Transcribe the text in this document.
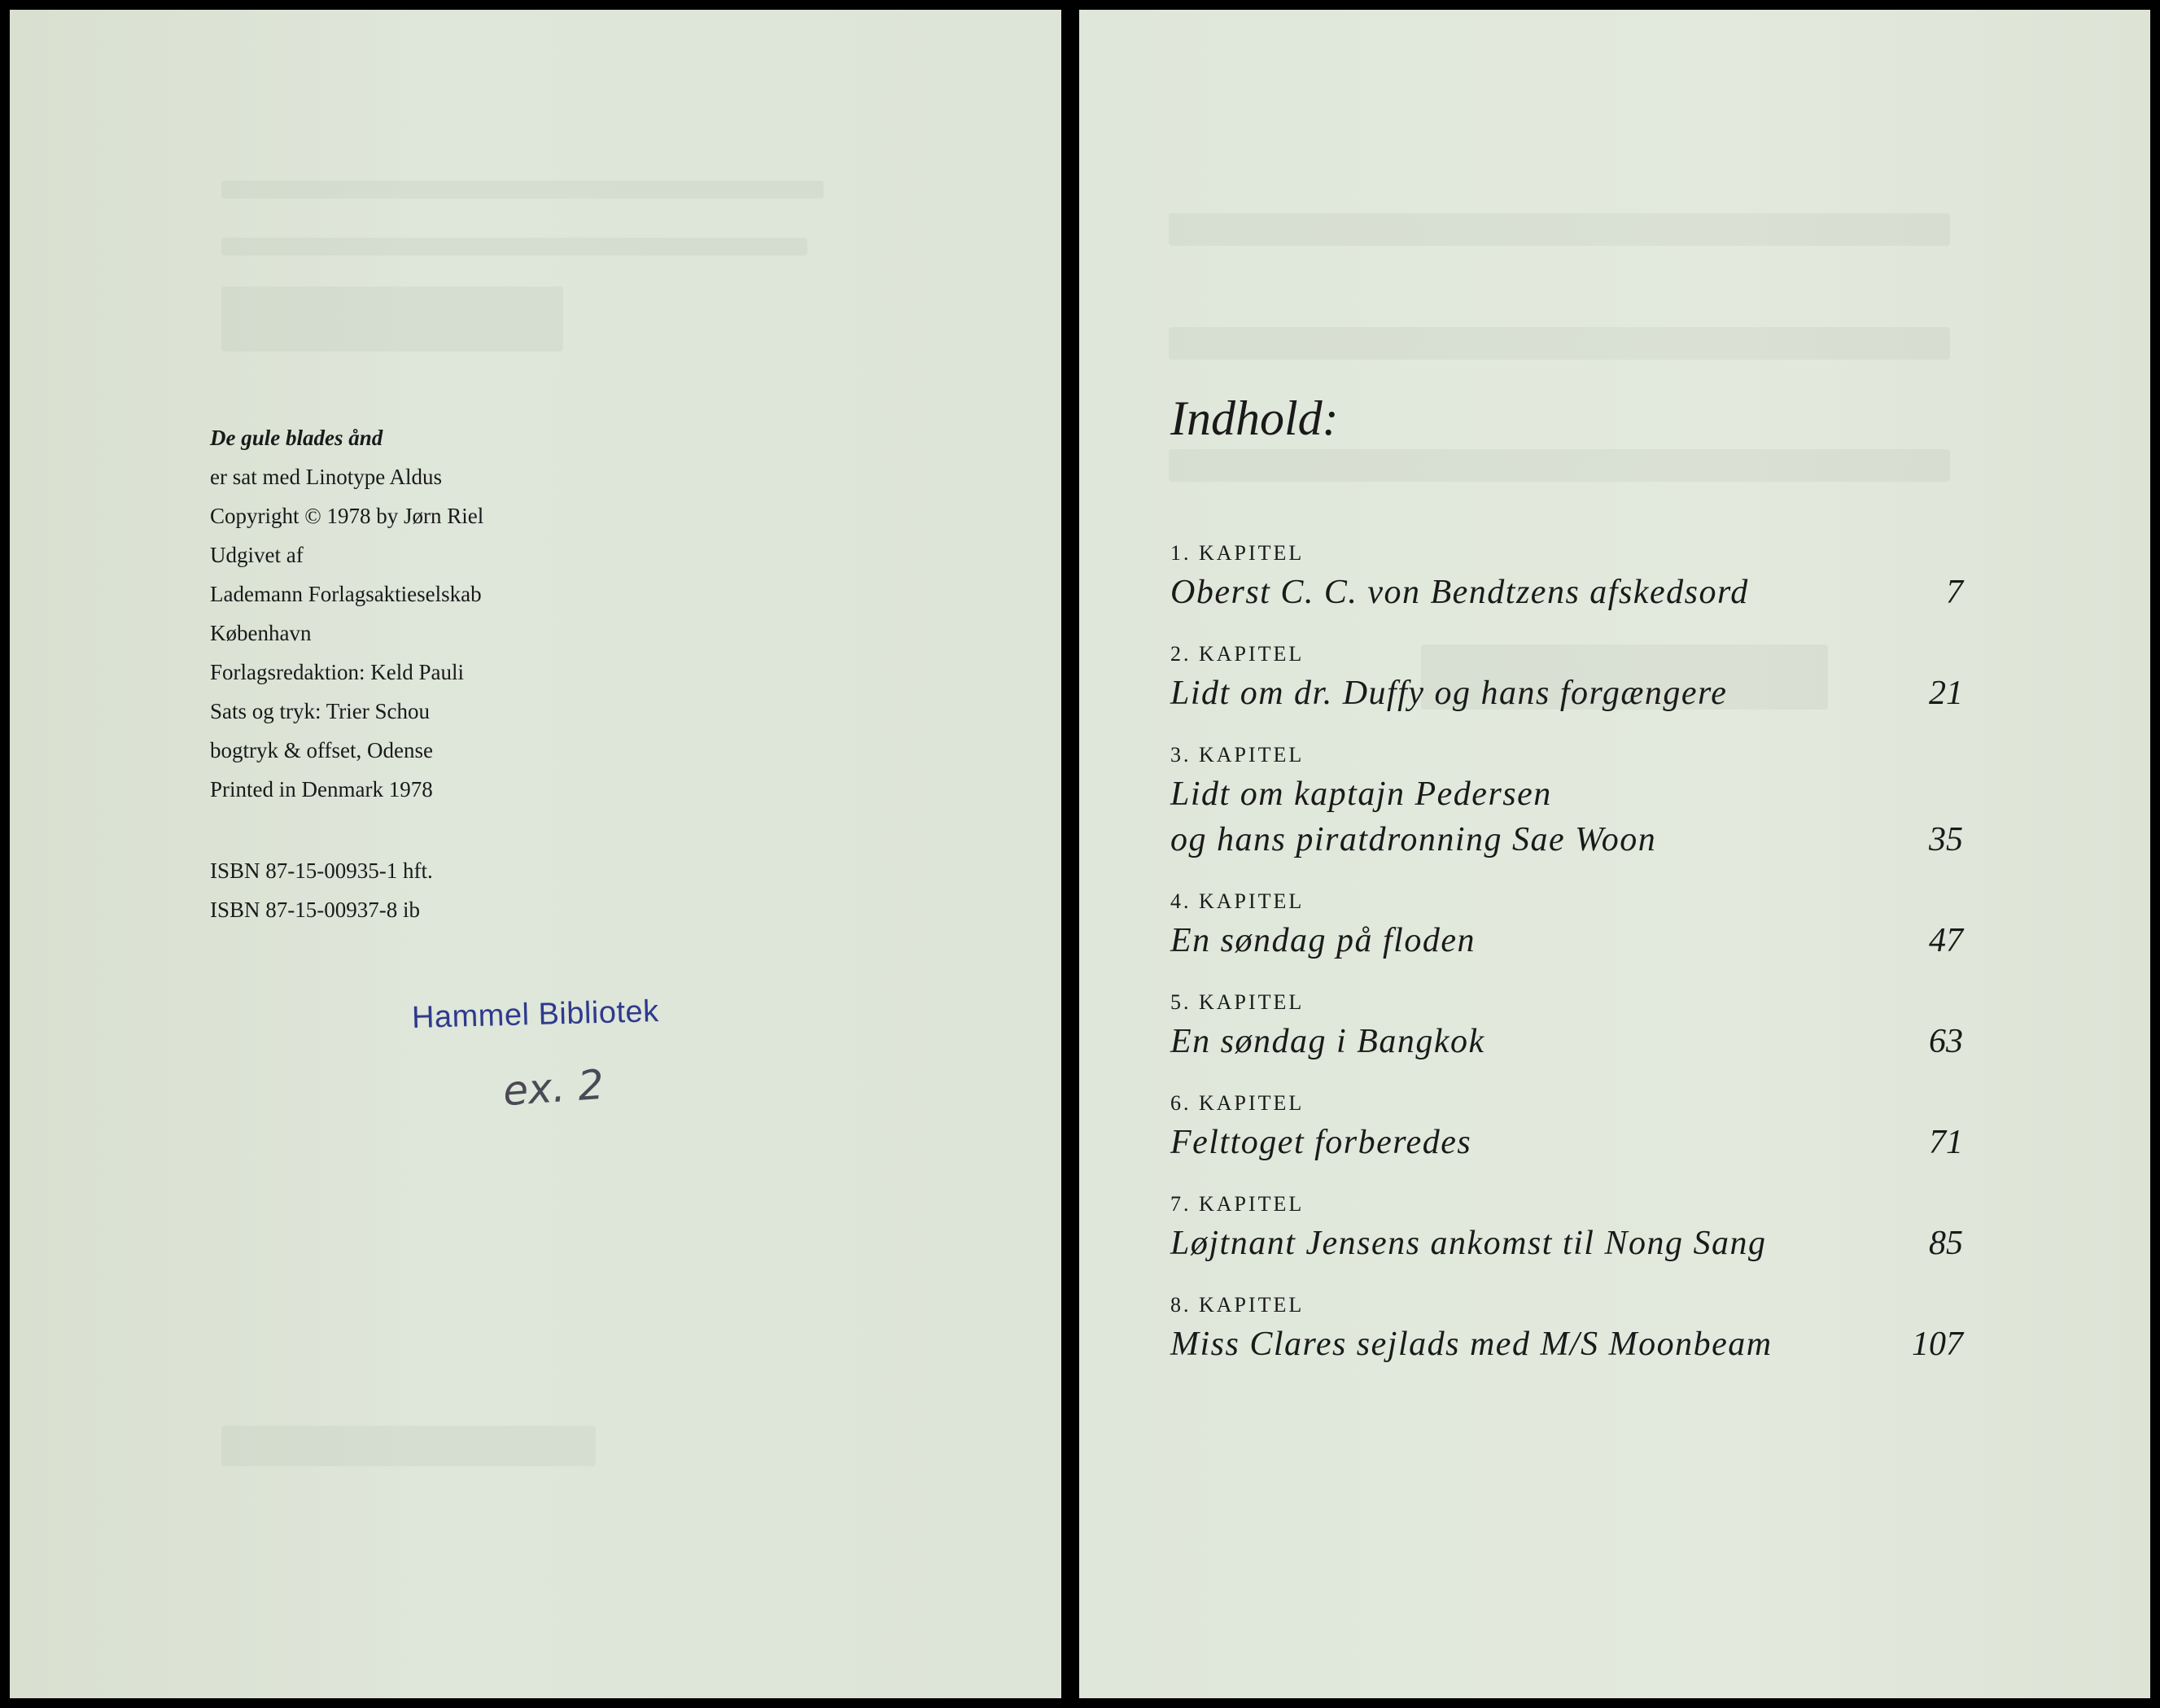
De gule blades ånd
er sat med Linotype Aldus
Copyright © 1978 by Jørn Riel
Udgivet af
Lademann Forlagsaktieselskab
København
Forlagsredaktion: Keld Pauli
Sats og tryk: Trier Schou
bogtryk & offset, Odense
Printed in Denmark 1978
ISBN 87-15-00935-1 hft.
ISBN 87-15-00937-8 ib
Hammel Bibliotek
ex. 2
Indhold:
1. KAPITEL
Oberst C. C. von Bendtzens afskedsord	7
2. KAPITEL
Lidt om dr. Duffy og hans forgængere	21
3. KAPITEL
Lidt om kaptajn Pedersen
og hans piratdronning Sae Woon	35
4. KAPITEL
En søndag på floden	47
5. KAPITEL
En søndag i Bangkok	63
6. KAPITEL
Felttoget forberedes	71
7. KAPITEL
Løjtnant Jensens ankomst til Nong Sang	85
8. KAPITEL
Miss Clares sejlads med M/S Moonbeam	107
